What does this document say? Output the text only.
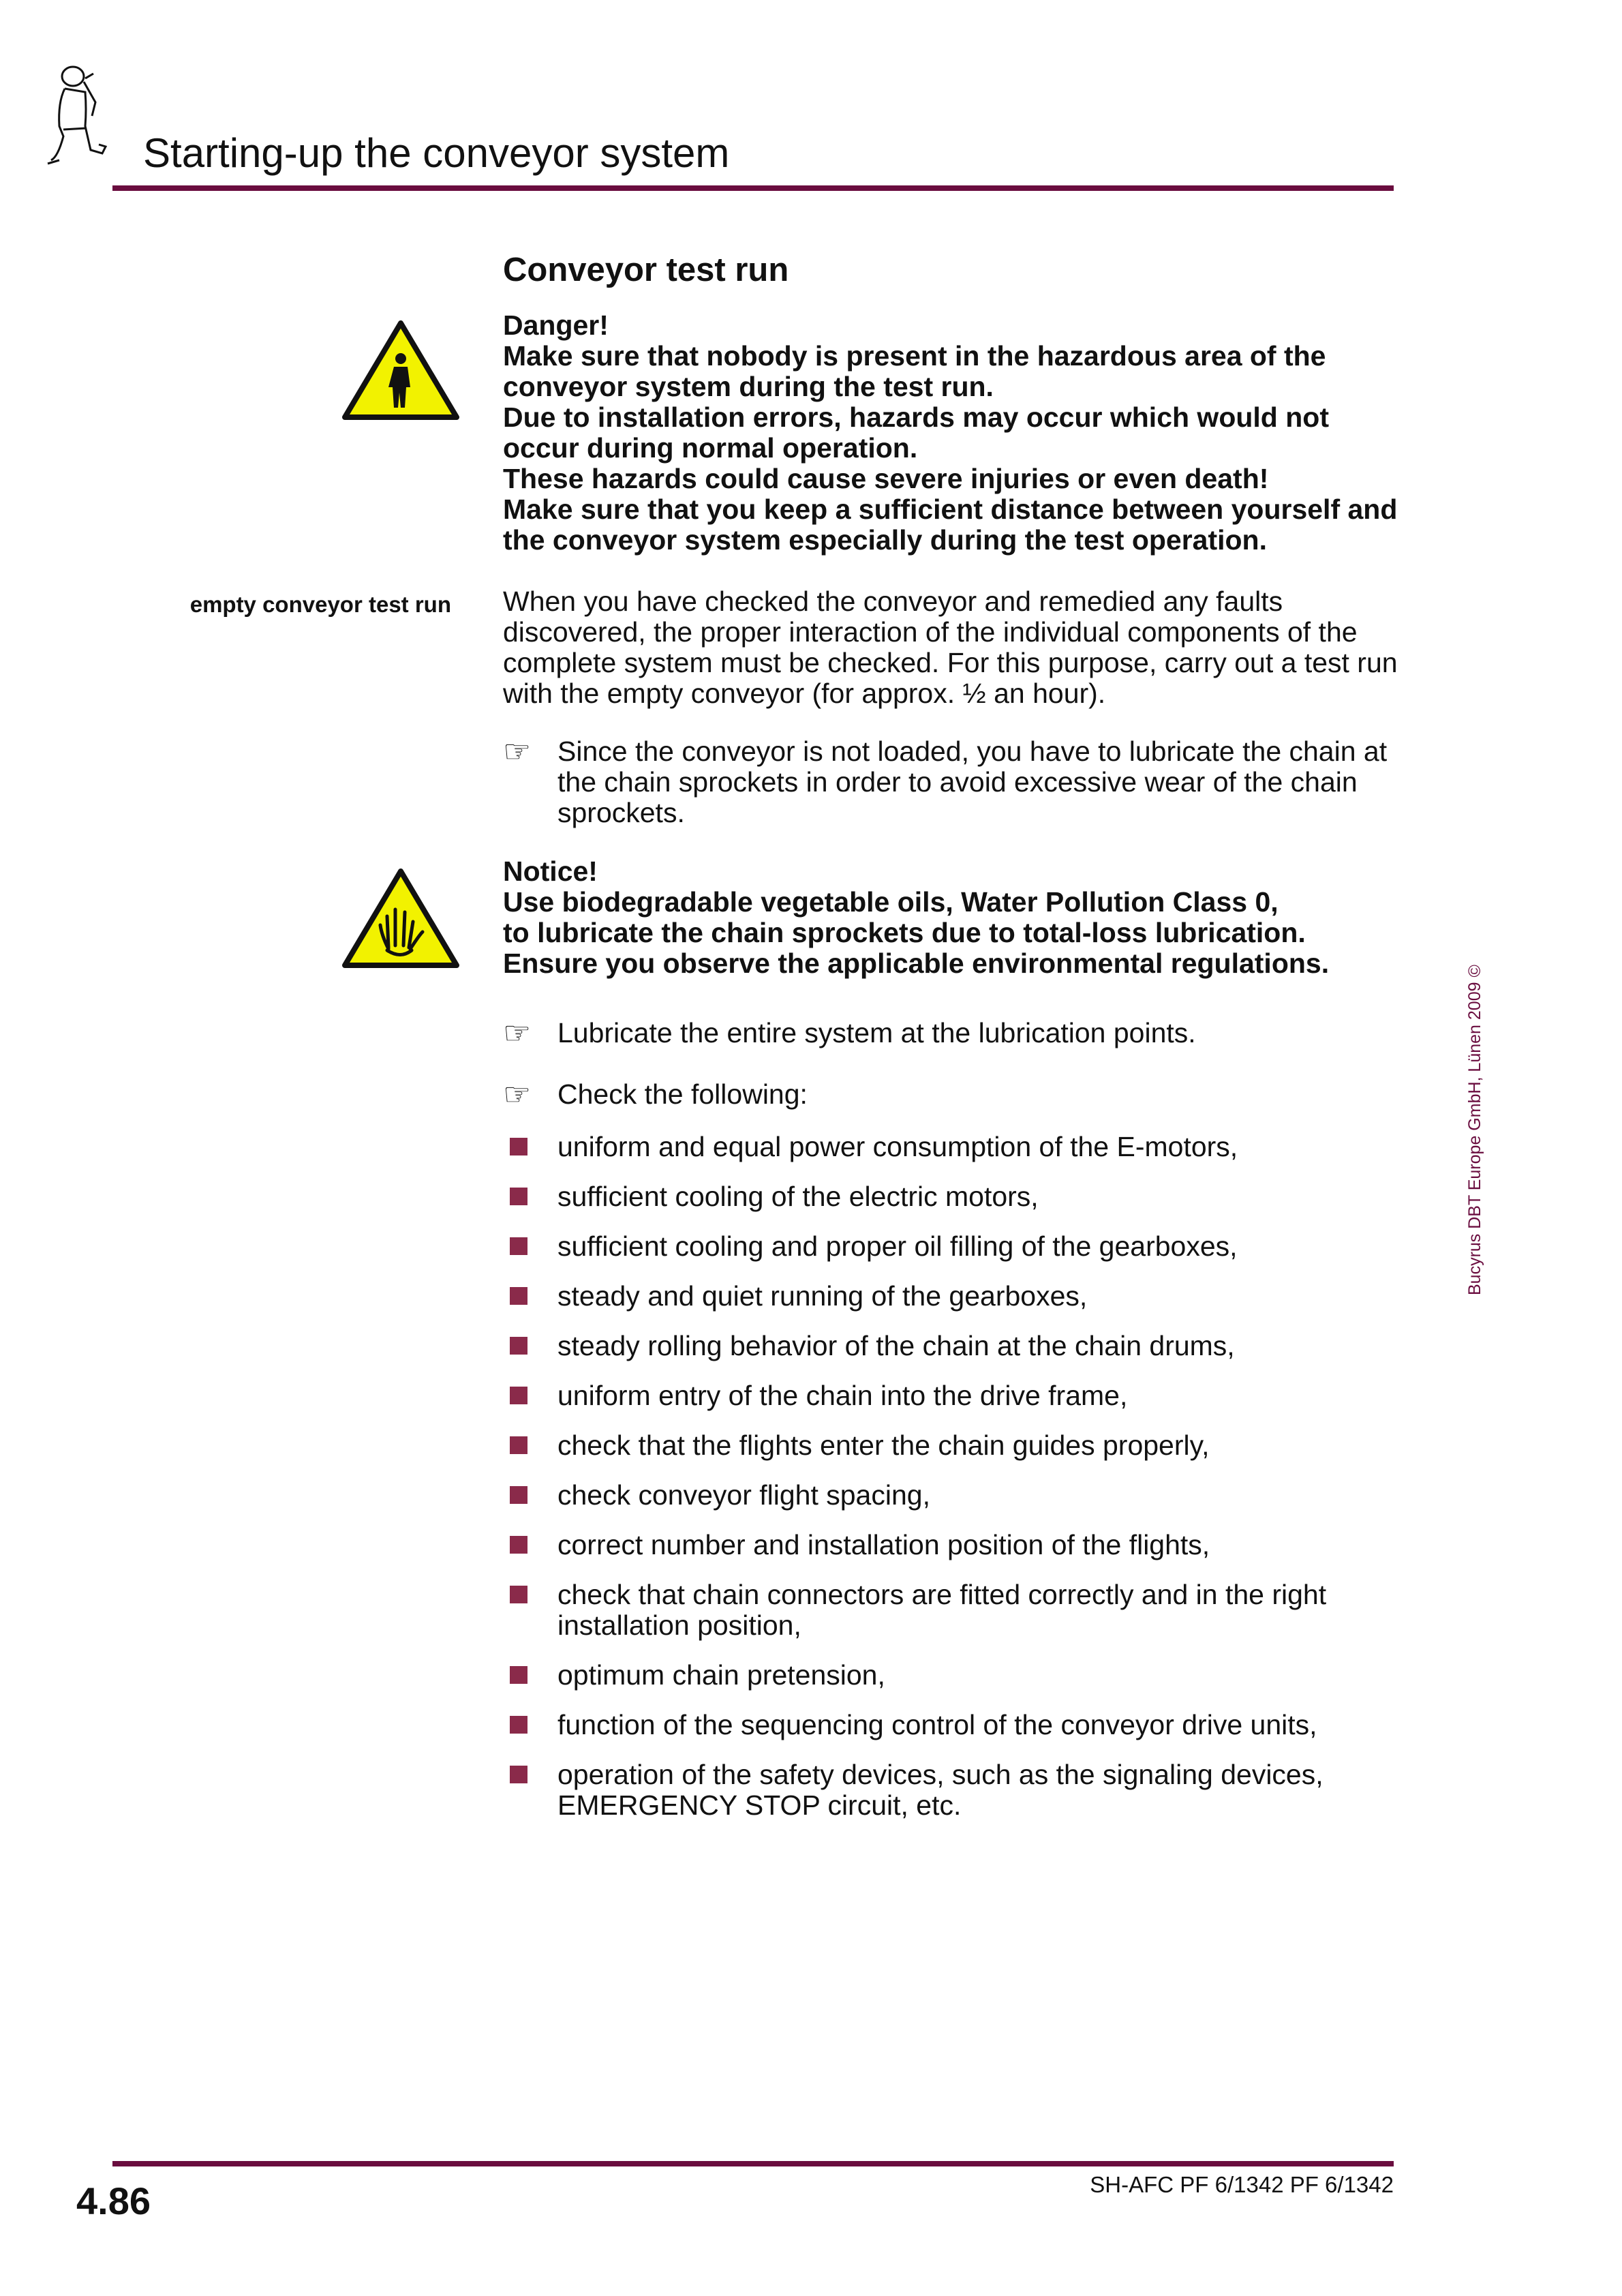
Starting-up the conveyor system
Conveyor test run
Danger!
Make sure that nobody is present in the hazardous area of the conveyor system during the test run.
Due to installation errors, hazards may occur which would not occur during normal operation.
These hazards could cause severe injuries or even death!
Make sure that you keep a sufficient distance between yourself and the conveyor system especially during the test operation.
empty conveyor test run When you have checked the conveyor and remedied any faults discovered, the proper interaction of the individual components of the complete system must be checked. For this purpose, carry out a test run with the empty conveyor (for approx. ½ an hour).
☞ Since the conveyor is not loaded, you have to lubricate the chain at the chain sprockets in order to avoid excessive wear of the chain sprockets.
Notice!
Use biodegradable vegetable oils, Water Pollution Class 0,
to lubricate the chain sprockets due to total-loss lubrication.
Ensure you observe the applicable environmental regulations.
☞ Lubricate the entire system at the lubrication points.
☞ Check the following:
uniform and equal power consumption of the E-motors,
sufficient cooling of the electric motors,
sufficient cooling and proper oil filling of the gearboxes,
steady and quiet running of the gearboxes,
steady rolling behavior of the chain at the chain drums,
uniform entry of the chain into the drive frame,
check that the flights enter the chain guides properly,
check conveyor flight spacing,
correct number and installation position of the flights,
check that chain connectors are fitted correctly and in the right installation position,
optimum chain pretension,
function of the sequencing control of the conveyor drive units,
operation of the safety devices, such as the signaling devices, EMERGENCY STOP circuit, etc.
Bucyrus DBT Europe GmbH, Lünen 2009 ©
4.86	SH-AFC PF 6/1342 PF 6/1342
